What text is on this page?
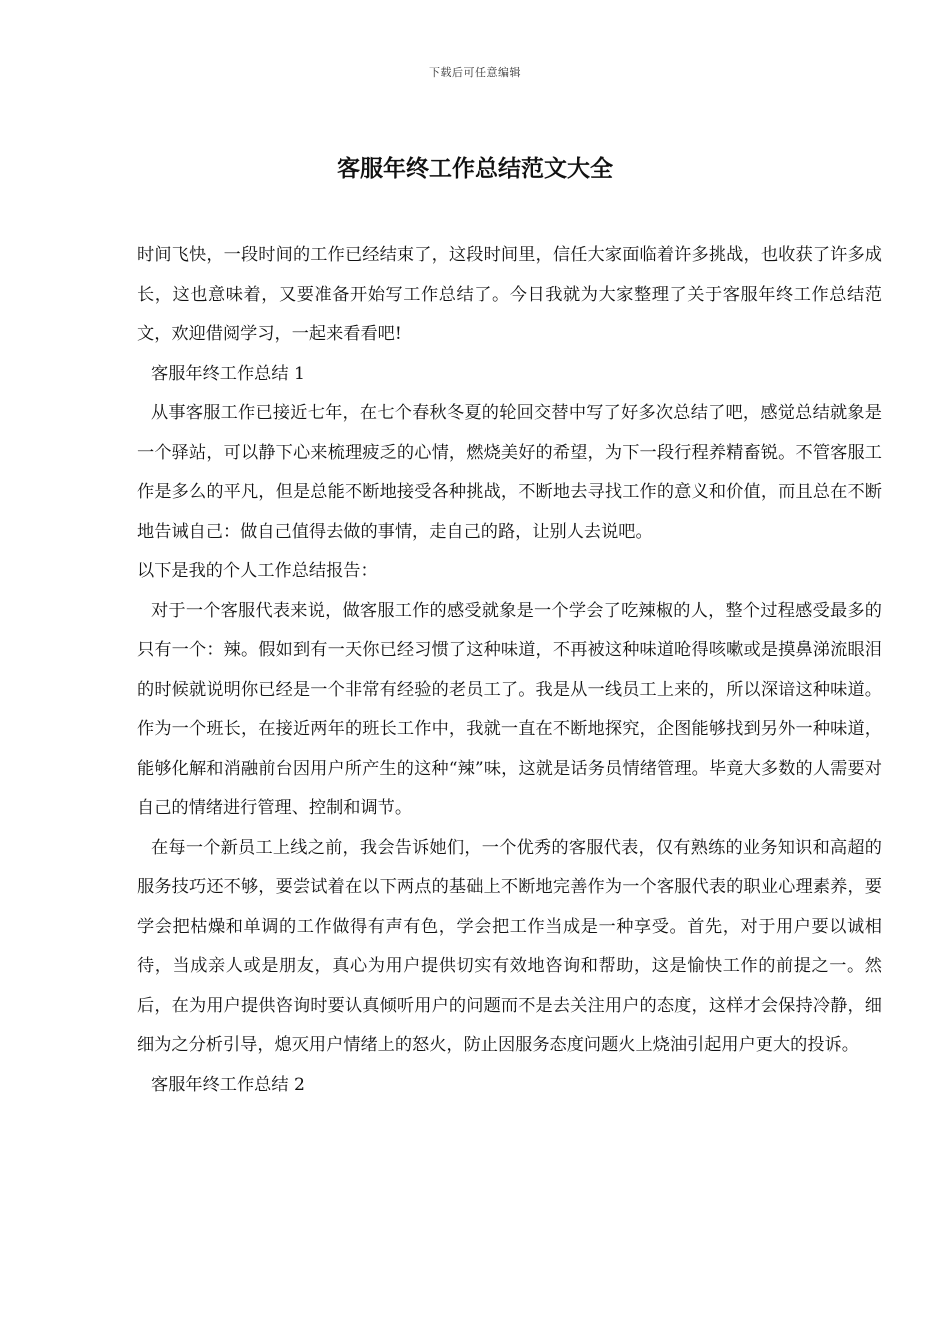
下载后可任意编辑
客服年终工作总结范文大全

时间飞快，一段时间的工作已经结束了，这段时间里，信任大家面临着许多挑战，也收获了许多成长，这也意味着，又要准备开始写工作总结了。今日我就为大家整理了关于客服年终工作总结范文，欢迎借阅学习，一起来看看吧!

客服年终工作总结 1

从事客服工作已接近七年，在七个春秋冬夏的轮回交替中写了好多次总结了吧，感觉总结就象是一个驿站，可以静下心来梳理疲乏的心情，燃烧美好的希望，为下一段行程养精畜锐。不管客服工作是多么的平凡，但是总能不断地接受各种挑战，不断地去寻找工作的意义和价值，而且总在不断地告诫自己：做自己值得去做的事情，走自己的路，让别人去说吧。

以下是我的个人工作总结报告：

对于一个客服代表来说，做客服工作的感受就象是一个学会了吃辣椒的人，整个过程感受最多的只有一个：辣。假如到有一天你已经习惯了这种味道，不再被这种味道呛得咳嗽或是摸鼻涕流眼泪的时候就说明你已经是一个非常有经验的老员工了。我是从一线员工上来的，所以深谙这种味道。作为一个班长，在接近两年的班长工作中，我就一直在不断地探究，企图能够找到另外一种味道，能够化解和消融前台因用户所产生的这种“辣”味，这就是话务员情绪管理。毕竟大多数的人需要对自己的情绪进行管理、控制和调节。

在每一个新员工上线之前，我会告诉她们，一个优秀的客服代表，仅有熟练的业务知识和高超的服务技巧还不够，要尝试着在以下两点的基础上不断地完善作为一个客服代表的职业心理素养，要学会把枯燥和单调的工作做得有声有色，学会把工作当成是一种享受。首先，对于用户要以诚相待，当成亲人或是朋友，真心为用户提供切实有效地咨询和帮助，这是愉快工作的前提之一。然后，在为用户提供咨询时要认真倾听用户的问题而不是去关注用户的态度，这样才会保持冷静，细细为之分析引导，熄灭用户情绪上的怒火，防止因服务态度问题火上烧油引起用户更大的投诉。

客服年终工作总结 2
